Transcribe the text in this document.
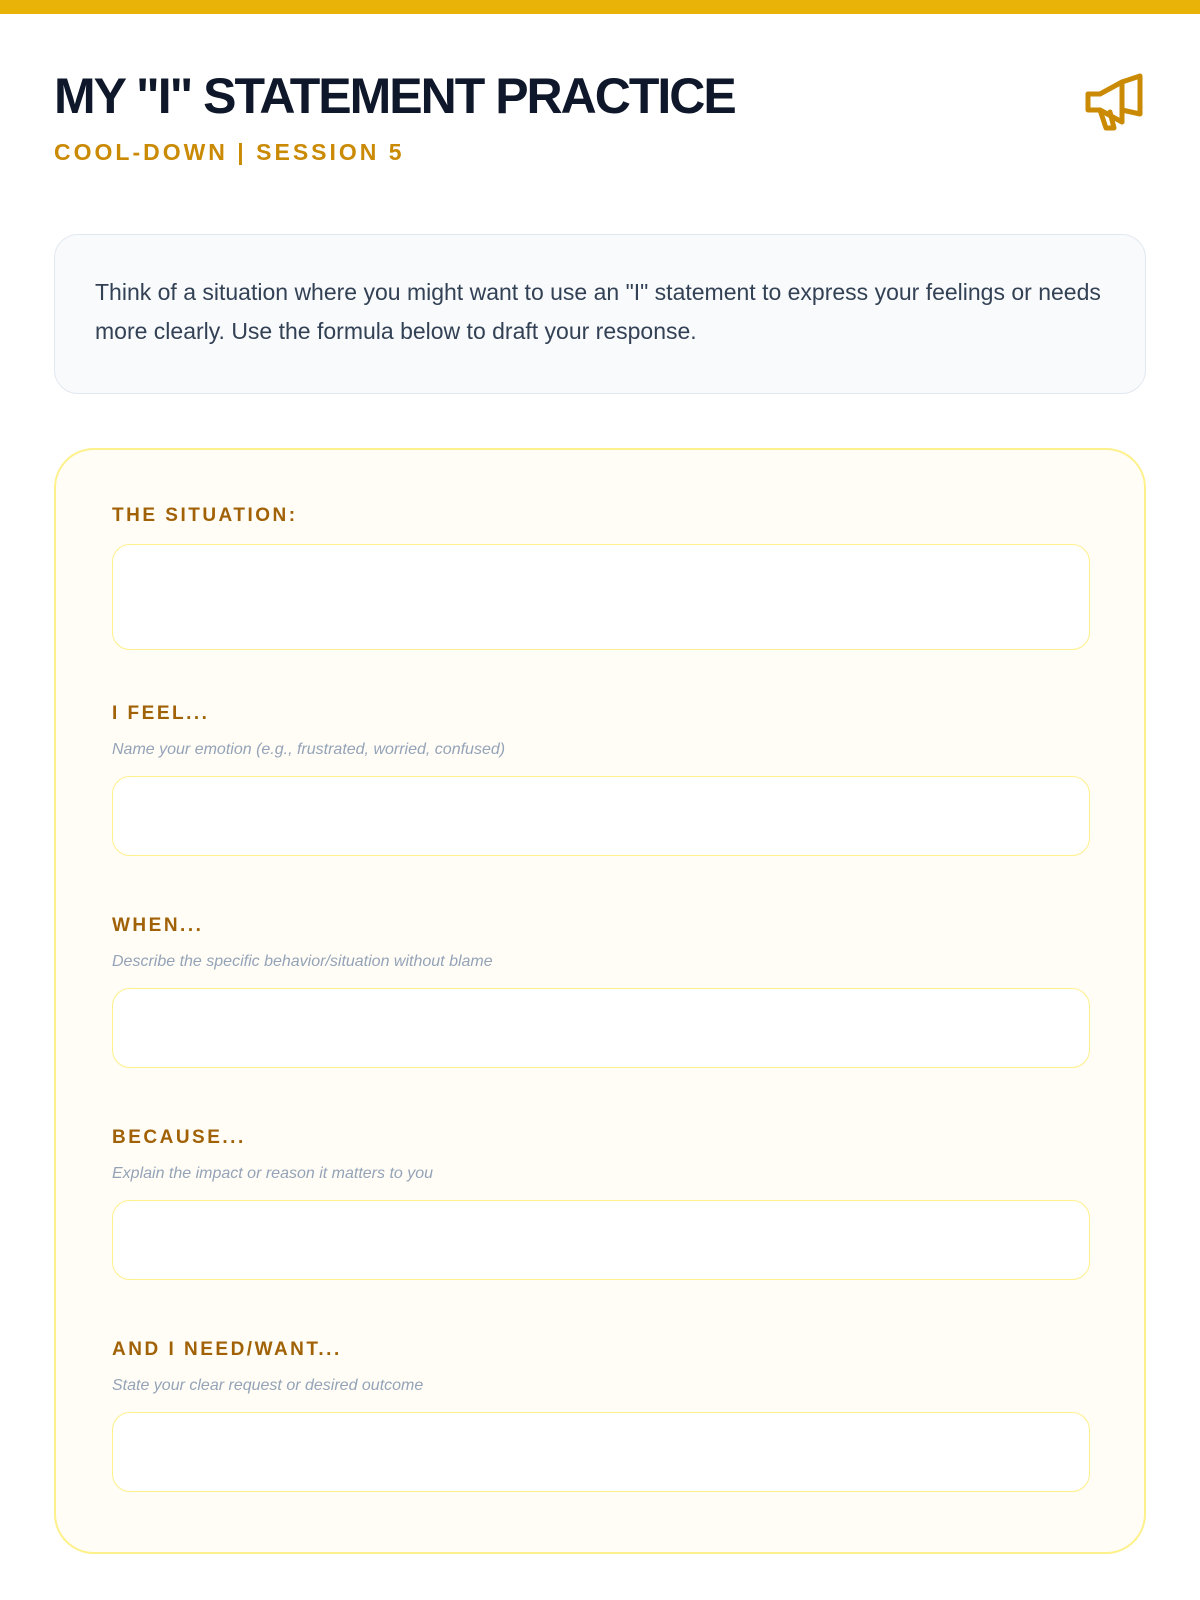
MY "I" STATEMENT PRACTICE
COOL-DOWN | SESSION 5

Think of a situation where you might want to use an "I" statement to express your feelings or needs more clearly. Use the formula below to draft your response.

THE SITUATION:
I FEEL...
Name your emotion (e.g., frustrated, worried, confused)
WHEN...
Describe the specific behavior/situation without blame
BECAUSE...
Explain the impact or reason it matters to you
AND I NEED/WANT...
State your clear request or desired outcome
